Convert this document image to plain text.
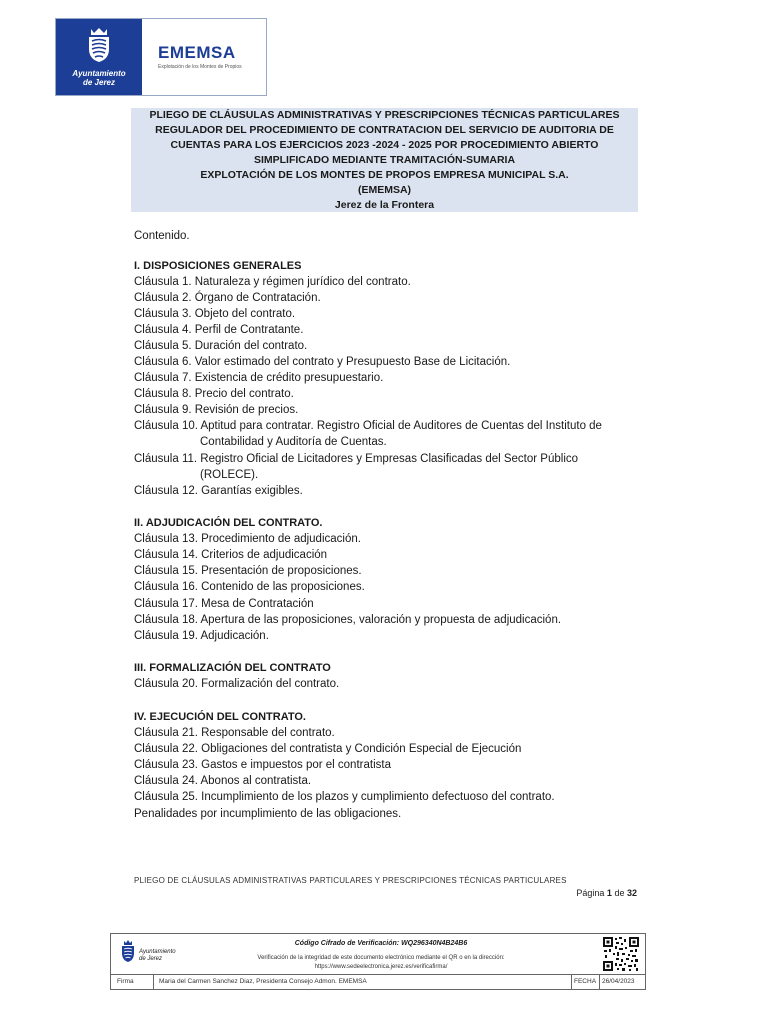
Ayuntamiento
de Jerez
EMEMSA
Explotación de los Montes de Propios
PLIEGO DE CLÁUSULAS ADMINISTRATIVAS Y PRESCRIPCIONES TÉCNICAS PARTICULARES
REGULADOR DEL PROCEDIMIENTO DE CONTRATACION DEL SERVICIO DE AUDITORIA DE
CUENTAS PARA LOS EJERCICIOS 2023 -2024 - 2025 POR PROCEDIMIENTO ABIERTO
SIMPLIFICADO MEDIANTE TRAMITACIÓN-SUMARIA
EXPLOTACIÓN DE LOS MONTES DE PROPOS EMPRESA MUNICIPAL S.A.
(EMEMSA)
Jerez de la Frontera
Contenido.
I. DISPOSICIONES GENERALES
Cláusula 1. Naturaleza y régimen jurídico del contrato.
Cláusula 2. Órgano de Contratación.
Cláusula 3. Objeto del contrato.
Cláusula 4. Perfil de Contratante.
Cláusula 5. Duración del contrato.
Cláusula 6. Valor estimado del contrato y Presupuesto Base de Licitación.
Cláusula 7. Existencia de crédito presupuestario.
Cláusula 8. Precio del contrato.
Cláusula 9. Revisión de precios.
Cláusula 10. Aptitud para contratar. Registro Oficial de Auditores de Cuentas del Instituto de
Contabilidad y Auditoría de Cuentas.
Cláusula 11. Registro Oficial de Licitadores y Empresas Clasificadas del Sector Público
(ROLECE).
Cláusula 12. Garantías exigibles.
II. ADJUDICACIÓN DEL CONTRATO.
Cláusula 13. Procedimiento de adjudicación.
Cláusula 14. Criterios de adjudicación
Cláusula 15. Presentación de proposiciones.
Cláusula 16. Contenido de las proposiciones.
Cláusula 17. Mesa de Contratación
Cláusula 18. Apertura de las proposiciones, valoración y propuesta de adjudicación.
Cláusula 19. Adjudicación.
III. FORMALIZACIÓN DEL CONTRATO
Cláusula 20. Formalización del contrato.
IV. EJECUCIÓN DEL CONTRATO.
Cláusula 21. Responsable del contrato.
Cláusula 22. Obligaciones del contratista y Condición Especial de Ejecución
Cláusula 23. Gastos e impuestos por el contratista
Cláusula 24. Abonos al contratista.
Cláusula 25. Incumplimiento de los plazos y cumplimiento defectuoso del contrato.
Penalidades por incumplimiento de las obligaciones.
PLIEGO DE CLÁUSULAS ADMINISTRATIVAS PARTICULARES Y PRESCRIPCIONES TÉCNICAS PARTICULARES
Página 1 de 32
Ayuntamiento
de Jerez
Código Cifrado de Verificación: WQ296340N4B24B6
Verificación de la integridad de este documento electrónico mediante el QR o en la dirección:
https://www.sedeelectronica.jerez.es/verificafirma/
Firma	Maria del Carmen Sanchez Diaz, Presidenta Consejo Admon. EMEMSA	FECHA 26/04/2023
